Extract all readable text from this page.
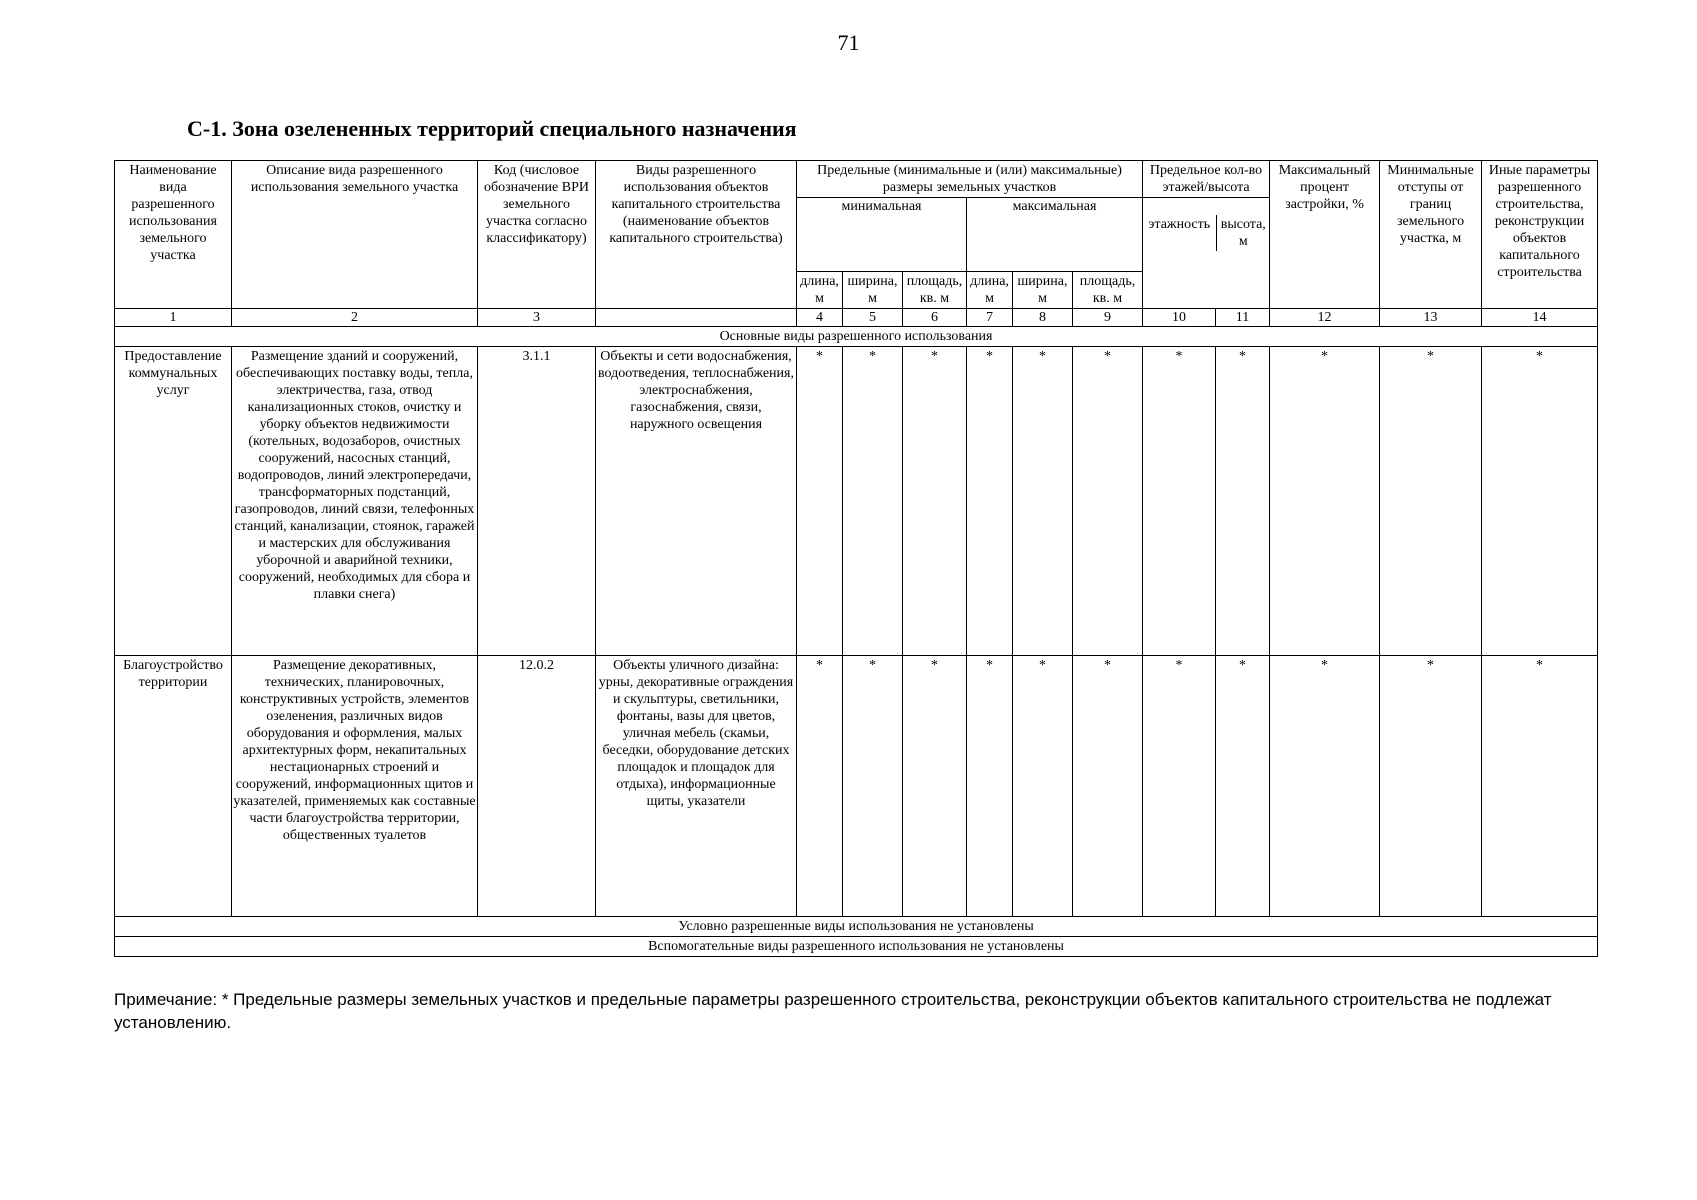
71
С-1. Зона озелененных территорий специального назначения
Наименование вида разрешенного использования земельного участка	Описание вида разрешенного использования земельного участка	Код (числовое обозначение ВРИ земельного участка согласно классификатору)	Виды разрешенного использования объектов капитального строительства (наименование объектов капитального строительства)	Предельные (минимальные и (или) максимальные) размеры земельных участков	Предельное кол-во этажей/высота	Максимальный процент застройки, %	Минимальные отступы от границ земельного участка, м	Иные параметры разрешенного строительства, реконструкции объектов капитального строительства
минимальная	максимальная	
этажность	высота, м

длина, м	ширина, м	площадь, кв. м	длина, м	ширина, м	площадь, кв. м
1	2	3		4	5	6	7	8	9	10	11	12	13	14
Основные виды разрешенного использования
Предоставление коммунальных услуг	Размещение зданий и сооружений, обеспечивающих поставку воды, тепла, электричества, газа, отвод канализационных стоков, очистку и уборку объектов недвижимости (котельных, водозаборов, очистных сооружений, насосных станций, водопроводов, линий электропередачи, трансформаторных подстанций, газопроводов, линий связи, телефонных станций, канализации, стоянок, гаражей и мастерских для обслуживания уборочной и аварийной техники, сооружений, необходимых для сбора и плавки снега)	3.1.1	Объекты и сети водоснабжения, водоотведения, теплоснабжения, электроснабжения, газоснабжения, связи, наружного освещения	*	*	*	*	*	*	*	*	*	*	*
Благоустройство территории	Размещение декоративных, технических, планировочных, конструктивных устройств, элементов озеленения, различных видов оборудования и оформления, малых архитектурных форм, некапитальных нестационарных строений и сооружений, информационных щитов и указателей, применяемых как составные части благоустройства территории, общественных туалетов	12.0.2	Объекты уличного дизайна: урны, декоративные ограждения и скульптуры, светильники, фонтаны, вазы для цветов, уличная мебель (скамьи, беседки, оборудование детских площадок и площадок для отдыха), информационные щиты, указатели	*	*	*	*	*	*	*	*	*	*	*
Условно разрешенные виды использования не установлены
Вспомогательные виды разрешенного использования не установлены
Примечание: * Предельные размеры земельных участков и предельные параметры разрешенного строительства, реконструкции объектов капитального строительства не подлежат установлению.
